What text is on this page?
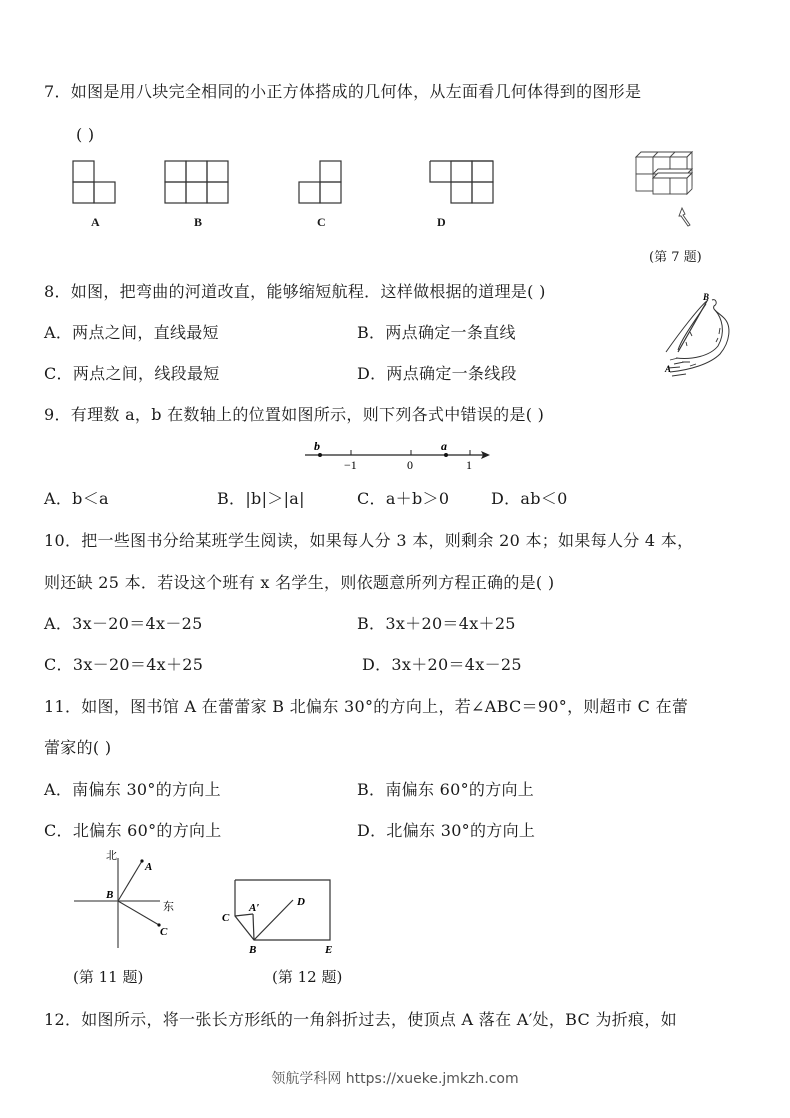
7．如图是用八块完全相同的小正方体搭成的几何体，从左面看几何体得到的图形是
( )
A	B	C	D
(第 7 题)
8．如图，把弯曲的河道改直，能够缩短航程．这样做根据的道理是( )
A．两点之间，直线最短	B．两点确定一条直线
C．两点之间，线段最短	D．两点确定一条线段
B
A
9．有理数 a，b 在数轴上的位置如图所示，则下列各式中错误的是( )
b	a
−1	0	1
A．b＜a	B．|b|＞|a|	C．a＋b＞0	D．ab＜0
10．把一些图书分给某班学生阅读，如果每人分 3 本，则剩余 20 本；如果每人分 4 本，
则还缺 25 本．若设这个班有 x 名学生，则依题意所列方程正确的是( )
A．3x－20＝4x－25	B．3x＋20＝4x＋25
C．3x－20＝4x＋25	D．3x＋20＝4x－25
11．如图，图书馆 A 在蕾蕾家 B 北偏东 30°的方向上，若∠ABC＝90°，则超市 C 在蕾
蕾家的( )
A．南偏东 30°的方向上	B．南偏东 60°的方向上
C．北偏东 60°的方向上	D．北偏东 30°的方向上
北
东
A
B
C
(第 11 题)
A′
C
D
B	E
(第 12 题)
12．如图所示，将一张长方形纸的一角斜折过去，使顶点 A 落在 A′处，BC 为折痕，如
领航学科网 https://xueke.jmkzh.com
